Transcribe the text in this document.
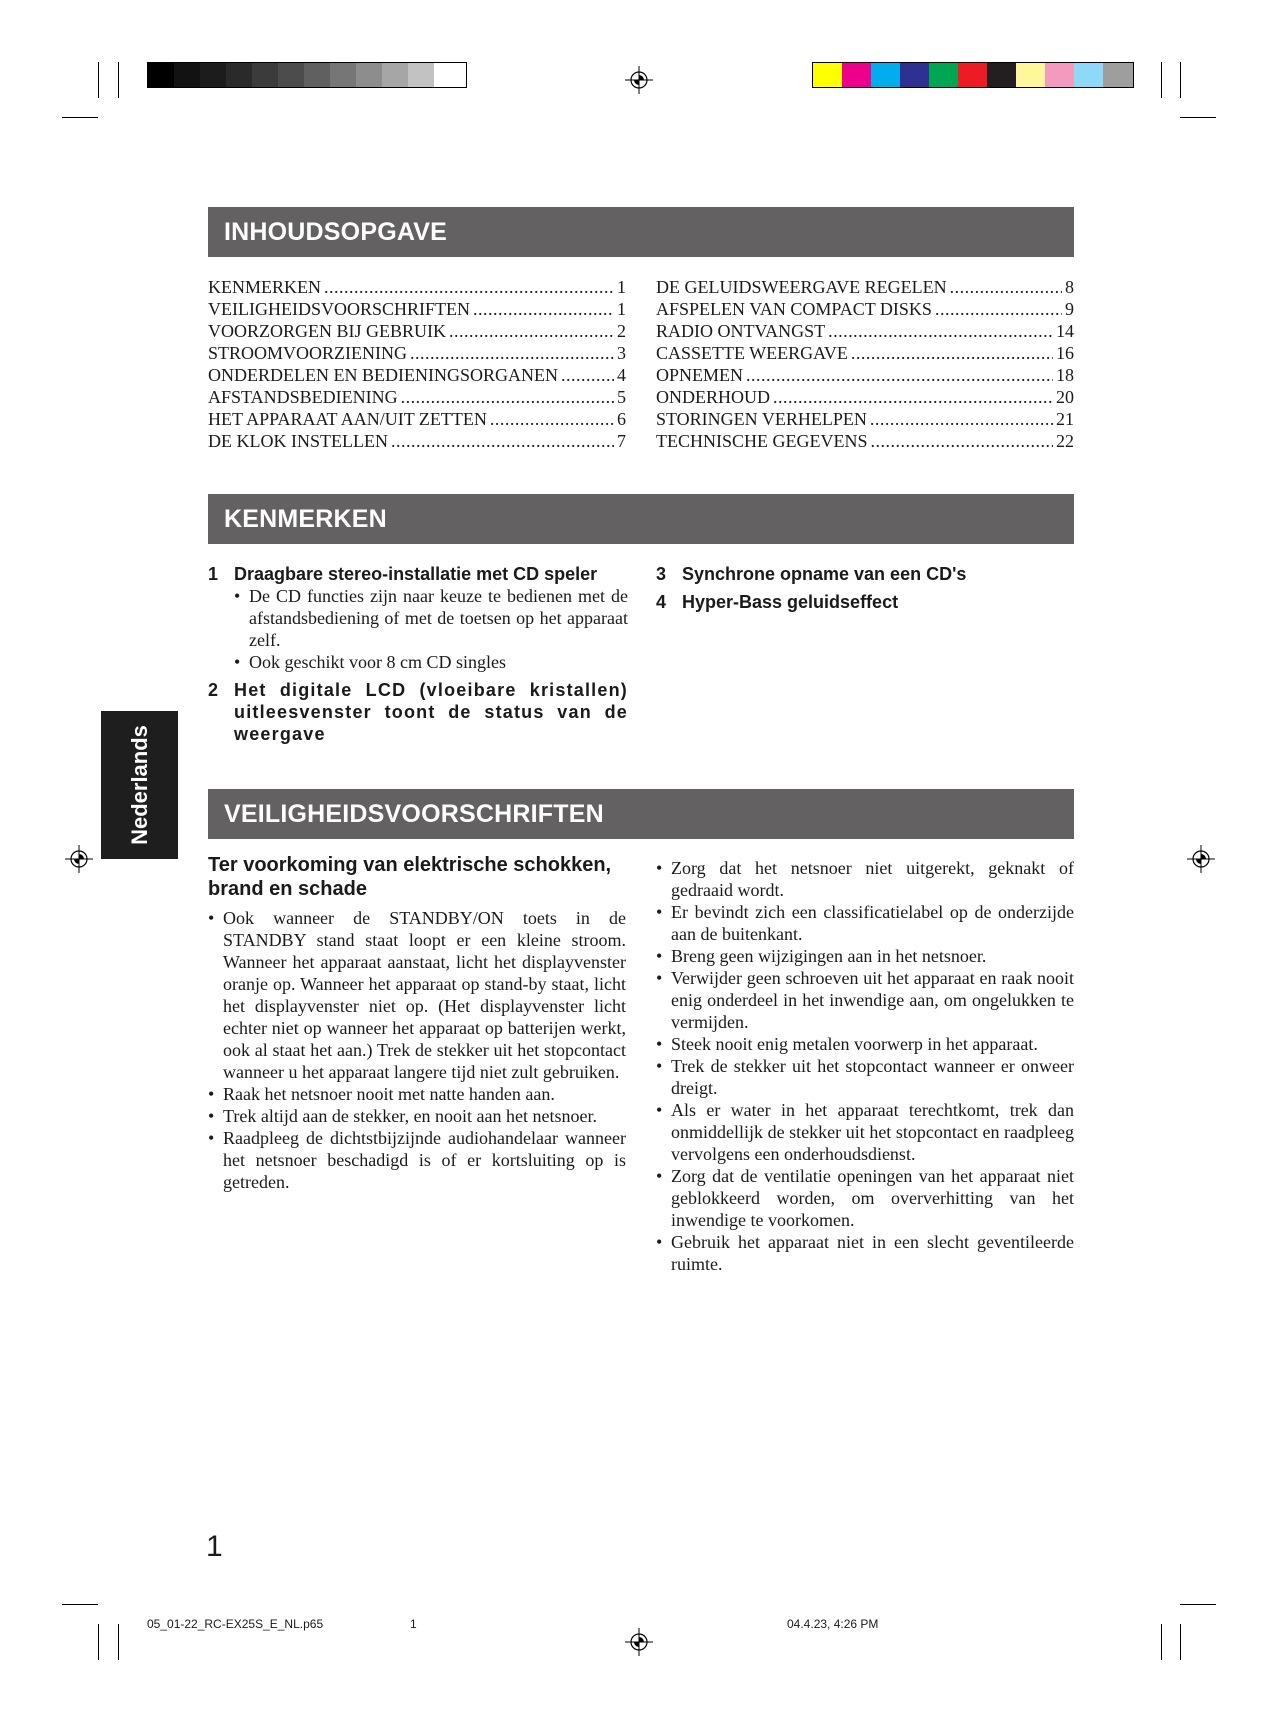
INHOUDSOPGAVE
KENMERKEN .....	1
VEILIGHEIDSVOORSCHRIFTEN .....	1
VOORZORGEN BIJ GEBRUIK .....	2
STROOMVOORZIENING .....	3
ONDERDELEN EN BEDIENINGSORGANEN .....	4
AFSTANDSBEDIENING .....	5
HET APPARAAT AAN/UIT ZETTEN .....	6
DE KLOK INSTELLEN .....	7
DE GELUIDSWEERGAVE REGELEN .....	8
AFSPELEN VAN COMPACT DISKS .....	9
RADIO ONTVANGST .....	14
CASSETTE WEERGAVE .....	16
OPNEMEN .....	18
ONDERHOUD .....	20
STORINGEN VERHELPEN .....	21
TECHNISCHE GEGEVENS .....	22
KENMERKEN
1 Draagbare stereo-installatie met CD speler
• De CD functies zijn naar keuze te bedienen met de afstandsbediening of met de toetsen op het apparaat zelf.
• Ook geschikt voor 8 cm CD singles
2 Het digitale LCD (vloeibare kristallen) uitleesvenster toont de status van de weergave
3 Synchrone opname van een CD's
4 Hyper-Bass geluidseffect
VEILIGHEIDSVOORSCHRIFTEN
Ter voorkoming van elektrische schokken, brand en schade
• Ook wanneer de STANDBY/ON toets in de STANDBY stand staat loopt er een kleine stroom. Wanneer het apparaat aanstaat, licht het displayvenster oranje op. Wanneer het apparaat op stand-by staat, licht het displayvenster niet op. (Het displayvenster licht echter niet op wanneer het apparaat op batterijen werkt, ook al staat het aan.) Trek de stekker uit het stopcontact wanneer u het apparaat langere tijd niet zult gebruiken.
• Raak het netsnoer nooit met natte handen aan.
• Trek altijd aan de stekker, en nooit aan het netsnoer.
• Raadpleeg de dichtstbijzijnde audiohandelaar wanneer het netsnoer beschadigd is of er kortsluiting op is getreden.
• Zorg dat het netsnoer niet uitgerekt, geknakt of gedraaid wordt.
• Er bevindt zich een classificatielabel op de onderzijde aan de buitenkant.
• Breng geen wijzigingen aan in het netsnoer.
• Verwijder geen schroeven uit het apparaat en raak nooit enig onderdeel in het inwendige aan, om ongelukken te vermijden.
• Steek nooit enig metalen voorwerp in het apparaat.
• Trek de stekker uit het stopcontact wanneer er onweer dreigt.
• Als er water in het apparaat terechtkomt, trek dan onmiddellijk de stekker uit het stopcontact en raadpleeg vervolgens een onderhoudsdienst.
• Zorg dat de ventilatie openingen van het apparaat niet geblokkeerd worden, om oververhitting van het inwendige te voorkomen.
• Gebruik het apparaat niet in een slecht geventileerde ruimte.
Nederlands
1
05_01-22_RC-EX25S_E_NL.p65	1	04.4.23, 4:26 PM
